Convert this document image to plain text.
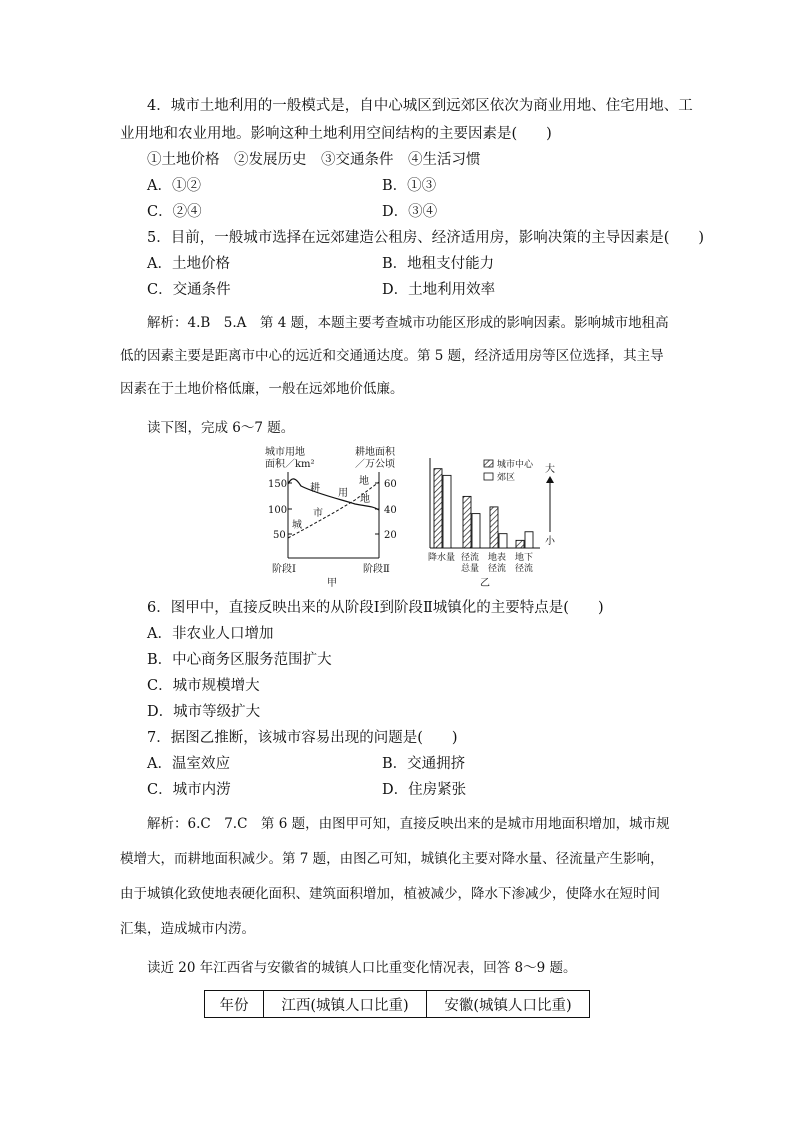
4．城市土地利用的一般模式是，自中心城区到远郊区依次为商业用地、住宅用地、工
业用地和农业用地。影响这种土地利用空间结构的主要因素是(　　)
①土地价格　②发展历史　③交通条件　④生活习惯
A．①②	B．①③
C．②④	D．③④
5．目前，一般城市选择在远郊建造公租房、经济适用房，影响决策的主导因素是(　　)
A．土地价格	B．地租支付能力
C．交通条件	D．土地利用效率
解析：4.B　5.A　第 4 题，本题主要考查城市功能区形成的影响因素。影响城市地租高
低的因素主要是距离市中心的远近和交通通达度。第 5 题，经济适用房等区位选择，其主导
因素在于土地价格低廉，一般在远郊地价低廉。
读下图，完成 6～7 题。
城市用地
面积／km²
耕地面积
／万公顷
150
100
50
60
40
20
耕 用
地
城
市
地
阶段Ⅰ	阶段Ⅱ
甲
城市中心
郊区
大
小
降水量 径流
总量
地表
径流
地下
径流
乙
6．图甲中，直接反映出来的从阶段Ⅰ到阶段Ⅱ城镇化的主要特点是(　　)
A．非农业人口增加
B．中心商务区服务范围扩大
C．城市规模增大
D．城市等级扩大
7．据图乙推断，该城市容易出现的问题是(　　)
A．温室效应	B．交通拥挤
C．城市内涝	D．住房紧张
解析：6.C　7.C　第 6 题，由图甲可知，直接反映出来的是城市用地面积增加，城市规
模增大，而耕地面积减少。第 7 题，由图乙可知，城镇化主要对降水量、径流量产生影响，
由于城镇化致使地表硬化面积、建筑面积增加，植被减少，降水下渗减少，使降水在短时间
汇集，造成城市内涝。
读近 20 年江西省与安徽省的城镇人口比重变化情况表，回答 8～9 题。
年份	江西(城镇人口比重)	安徽(城镇人口比重)
